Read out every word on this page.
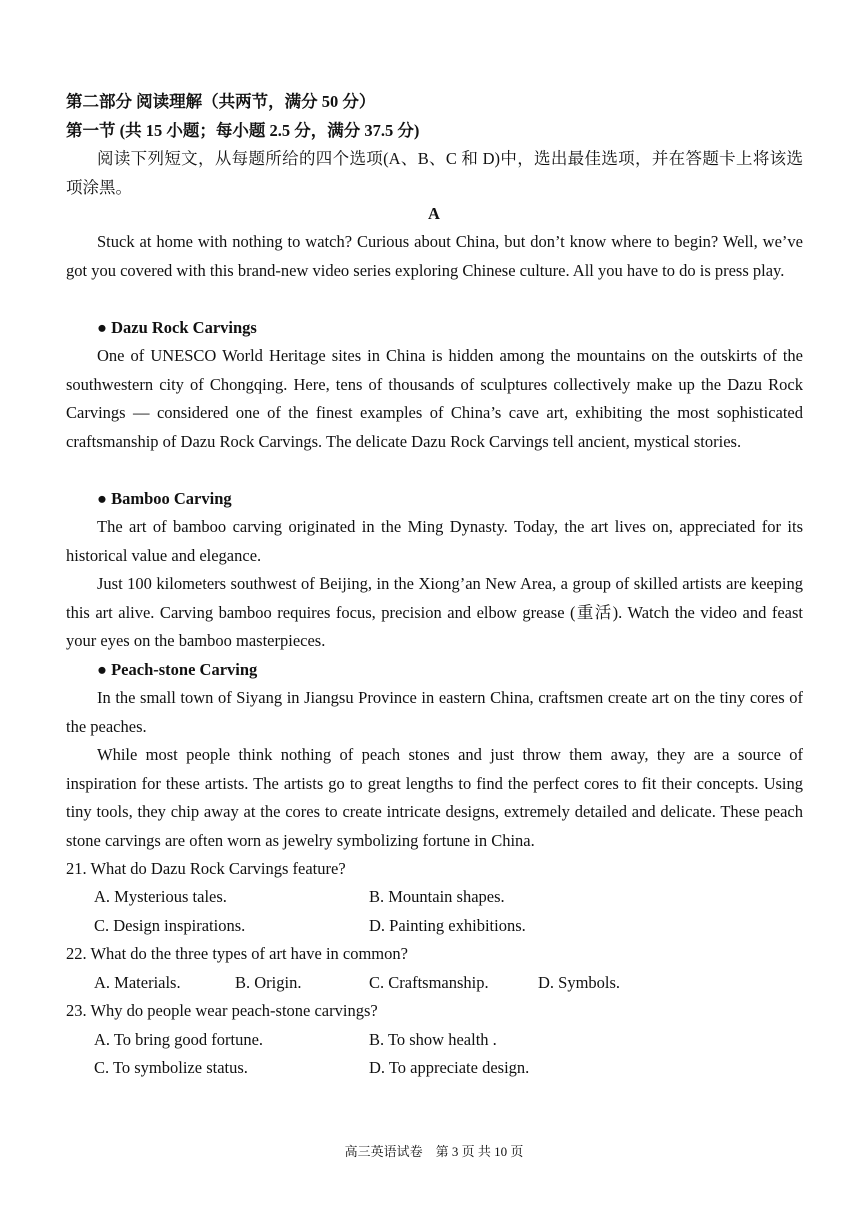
第二部分 阅读理解（共两节，满分 50 分）
第一节 (共 15 小题；每小题 2.5 分，满分 37.5 分)

阅读下列短文，从每题所给的四个选项(A、B、C 和 D)中，选出最佳选项，并在答题卡上将该选项涂黑。

A

Stuck at home with nothing to watch? Curious about China, but don’t know where to begin? Well, we’ve got you covered with this brand-new video series exploring Chinese culture. All you have to do is press play.

● Dazu Rock Carvings

One of UNESCO World Heritage sites in China is hidden among the mountains on the outskirts of the southwestern city of Chongqing. Here, tens of thousands of sculptures collectively make up the Dazu Rock Carvings — considered one of the finest examples of China’s cave art, exhibiting the most sophisticated craftsmanship of Dazu Rock Carvings. The delicate Dazu Rock Carvings tell ancient, mystical stories.

● Bamboo Carving

The art of bamboo carving originated in the Ming Dynasty. Today, the art lives on, appreciated for its historical value and elegance.

Just 100 kilometers southwest of Beijing, in the Xiong’an New Area, a group of skilled artists are keeping this art alive. Carving bamboo requires focus, precision and elbow grease (重活). Watch the video and feast your eyes on the bamboo masterpieces.

● Peach-stone Carving

In the small town of Siyang in Jiangsu Province in eastern China, craftsmen create art on the tiny cores of the peaches.

While most people think nothing of peach stones and just throw them away, they are a source of inspiration for these artists. The artists go to great lengths to find the perfect cores to fit their concepts. Using tiny tools, they chip away at the cores to create intricate designs, extremely detailed and delicate. These peach stone carvings are often worn as jewelry symbolizing fortune in China.

21. What do Dazu Rock Carvings feature?
A. Mysterious tales.	B. Mountain shapes.
C. Design inspirations.	D. Painting exhibitions.
22. What do the three types of art have in common?
A. Materials.	B. Origin.	C. Craftsmanship.	D. Symbols.
23. Why do people wear peach-stone carvings?
A. To bring good fortune.	B. To show health .
C. To symbolize status.	D. To appreciate design.
高三英语试卷　第 3 页 共 10 页
